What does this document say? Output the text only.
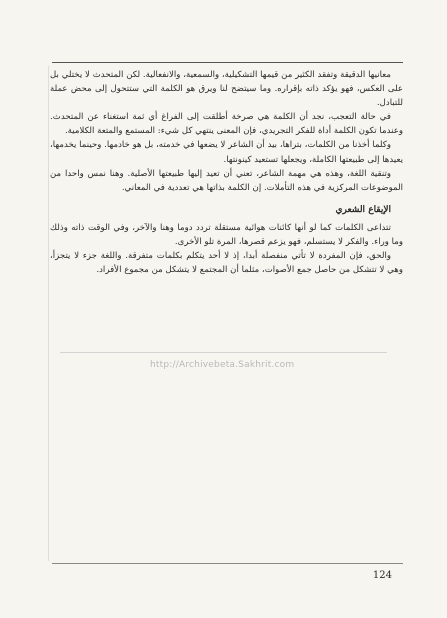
معانيها الدقيقة وتفقد الكثير من قيمها التشكيلية، والسمعية، والانفعالية. لكن المتحدث لا يختلي بل على العكس، فهو يؤكد ذاته بإقراره. وما سيتضح لنا ويرق هو الكلمة التي ستتحول إلى محض عملة للتبادل.

في حالة التعجب، نجد أن الكلمة هي صرخة أطلقت إلى الفراغ أي ثمة استغناء عن المتحدث. وعندما تكون الكلمة أداة للفكر التجريدي، فإن المعنى ينتهي كل شيء: المستمع والمتعة الكلامية.

وكلما أخذنا من الكلمات، بتراها، بيد أن الشاعر لا يضعها في خدمته، بل هو خادمها. وحينما يخدمها، يعيدها إلى طبيعتها الكاملة، ويجعلها تستعيد كينونتها.

وتنقية اللغة، وهذه هي مهمة الشاعر، تعني أن تعيد إليها طبيعتها الأصلية. وهنا نمس واحدا من الموضوعات المركزية في هذه التأملات. إن الكلمة بذاتها هي تعددية في المعاني.

الإيقاع الشعري

تتداعى الكلمات كما لو أنها كائنات هوائية مستقلة تردد دوما وهنا والآخر، وفي الوقت ذاته وذلك وما وراء. والفكر لا يستسلم، فهو يزعم قصرها، المرة تلو الأخرى.

والحق، فإن المفردة لا تأتي منفصلة أبدا، إذ لا أحد يتكلم بكلمات متفرقة. واللغة جزء لا يتجزأ، وهي لا تتشكل من حاصل جمع الأصوات، مثلما أن المجتمع لا يتشكل من مجموع الأفراد.

http://Archivebeta.Sakhrit.com
124
